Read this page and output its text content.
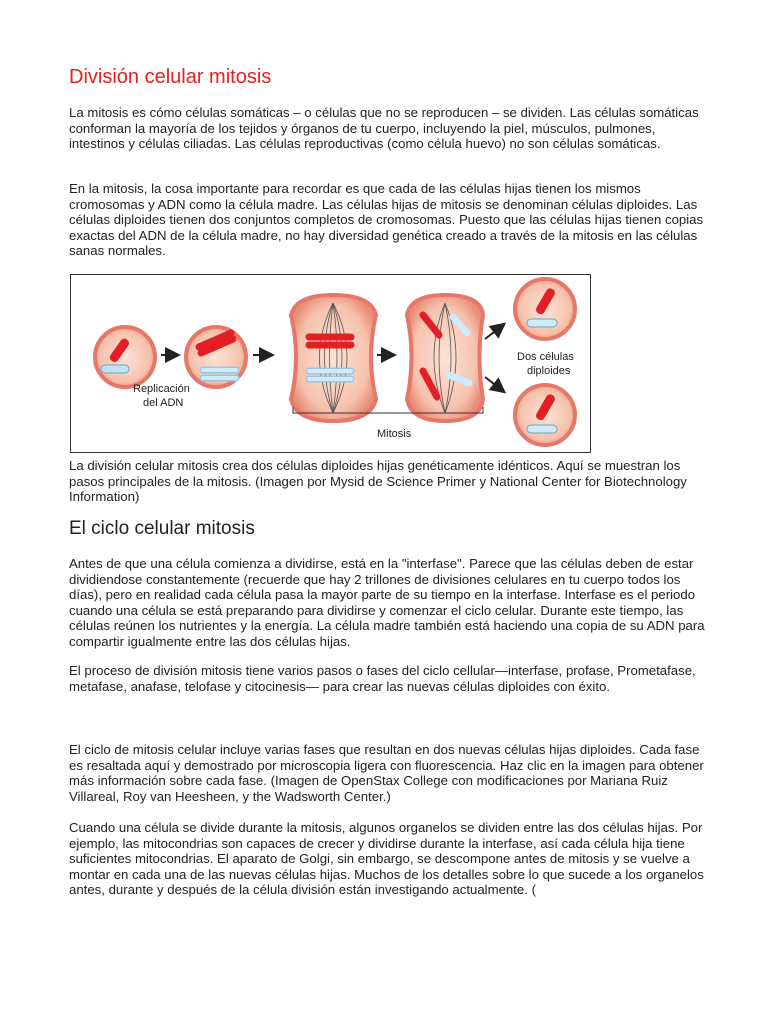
División celular mitosis

La mitosis es cómo células somáticas – o células que no se reproducen – se dividen. Las células somáticas conforman la mayoría de los tejidos y órganos de tu cuerpo, incluyendo la piel, músculos, pulmones, intestinos y células ciliadas. Las células reproductivas (como célula huevo) no son células somáticas.

En la mitosis, la cosa importante para recordar es que cada de las células hijas tienen los mismos cromosomas y ADN como la célula madre. Las células hijas de mitosis se denominan células diploides. Las células diploides tienen dos conjuntos completos de cromosomas. Puesto que las células hijas tienen copias exactas del ADN de la célula madre, no hay diversidad genética creado a través de la mitosis en las células sanas normales.

Replicación
del ADN
Mitosis
Dos células
diploides

La división celular mitosis crea dos células diploides hijas genéticamente idénticos. Aquí se muestran los pasos principales de la mitosis. (Imagen por Mysid de Science Primer y National Center for Biotechnology Information)

El ciclo celular mitosis

Antes de que una célula comienza a dividirse, está en la "interfase". Parece que las células deben de estar dividiendose constantemente (recuerde que hay 2 trillones de divisiones celulares en tu cuerpo todos los días), pero en realidad cada célula pasa la mayor parte de su tiempo en la interfase. Interfase es el periodo cuando una célula se está preparando para dividirse y comenzar el ciclo celular. Durante este tiempo, las células reúnen los nutrientes y la energía. La célula madre también está haciendo una copia de su ADN para compartir igualmente entre las dos células hijas.

El proceso de división mitosis tiene varios pasos o fases del ciclo cellular—interfase, profase, Prometafase, metafase, anafase, telofase y citocinesis— para crear las nuevas células diploides con éxito.

El ciclo de mitosis celular incluye varias fases que resultan en dos nuevas células hijas diploides. Cada fase es resaltada aquí y demostrado por microscopia ligera con fluorescencia. Haz clic en la imagen para obtener más información sobre cada fase. (Imagen de OpenStax College con modificaciones por Mariana Ruiz Villareal, Roy van Heesheen, y the Wadsworth Center.)

Cuando una célula se divide durante la mitosis, algunos organelos se dividen entre las dos células hijas. Por ejemplo, las mitocondrias son capaces de crecer y dividirse durante la interfase, así cada célula hija tiene suficientes mitocondrias. El aparato de Golgi, sin embargo, se descompone antes de mitosis y se vuelve a montar en cada una de las nuevas células hijas. Muchos de los detalles sobre lo que sucede a los organelos antes, durante y después de la célula división están investigando actualmente. (
